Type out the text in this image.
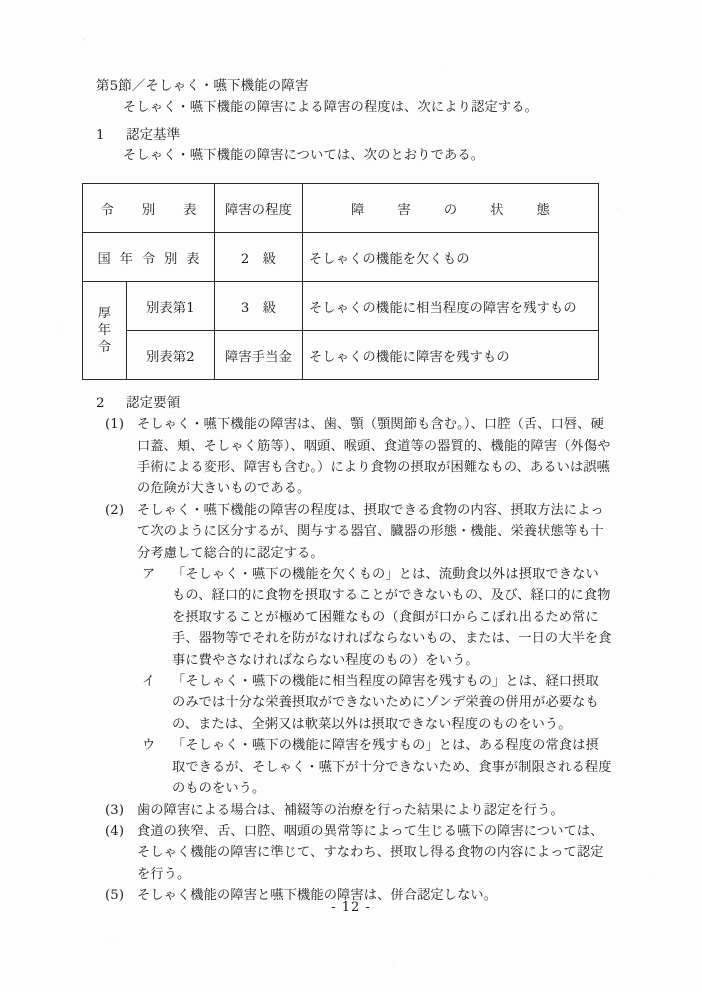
第5節／そしゃく・嚥下機能の障害
そしゃく・嚥下機能の障害による障害の程度は、次により認定する。
1	認定基準
そしゃく・嚥下機能の障害については、次のとおりである。
令　別　表		障害の程度	障　害　の　状　態
国 年 令 別 表		2　級	そしゃくの機能を欠くもの

厚
年
令	別表第1	3　級	そしゃくの機能に相当程度の障害を残すもの
	別表第2	障害手当金	そしゃくの機能に障害を残すもの
2	認定要領
(1) そしゃく・嚥下機能の障害は、歯、顎（顎関節も含む。）、口腔（舌、口唇、硬口蓋、頬、そしゃく筋等）、咽頭、喉頭、食道等の器質的、機能的障害（外傷や手術による変形、障害も含む。）により食物の摂取が困難なもの、あるいは誤嚥の危険が大きいものである。
(2) そしゃく・嚥下機能の障害の程度は、摂取できる食物の内容、摂取方法によって次のように区分するが、関与する器官、臓器の形態・機能、栄養状態等も十分考慮して総合的に認定する。
ア	「そしゃく・嚥下の機能を欠くもの」とは、流動食以外は摂取できないもの、経口的に食物を摂取することができないもの、及び、経口的に食物を摂取することが極めて困難なもの（食餌が口からこぼれ出るため常に手、器物等でそれを防がなければならないもの、または、一日の大半を食事に費やさなければならない程度のもの）をいう。
イ	「そしゃく・嚥下の機能に相当程度の障害を残すもの」とは、経口摂取のみでは十分な栄養摂取ができないためにゾンデ栄養の併用が必要なもの、または、全粥又は軟菜以外は摂取できない程度のものをいう。
ウ	「そしゃく・嚥下の機能に障害を残すもの」とは、ある程度の常食は摂取できるが、そしゃく・嚥下が十分できないため、食事が制限される程度のものをいう。
(3) 歯の障害による場合は、補綴等の治療を行った結果により認定を行う。
(4) 食道の狭窄、舌、口腔、咽頭の異常等によって生じる嚥下の障害については、そしゃく機能の障害に準じて、すなわち、摂取し得る食物の内容によって認定を行う。
(5) そしゃく機能の障害と嚥下機能の障害は、併合認定しない。
- 12 -
